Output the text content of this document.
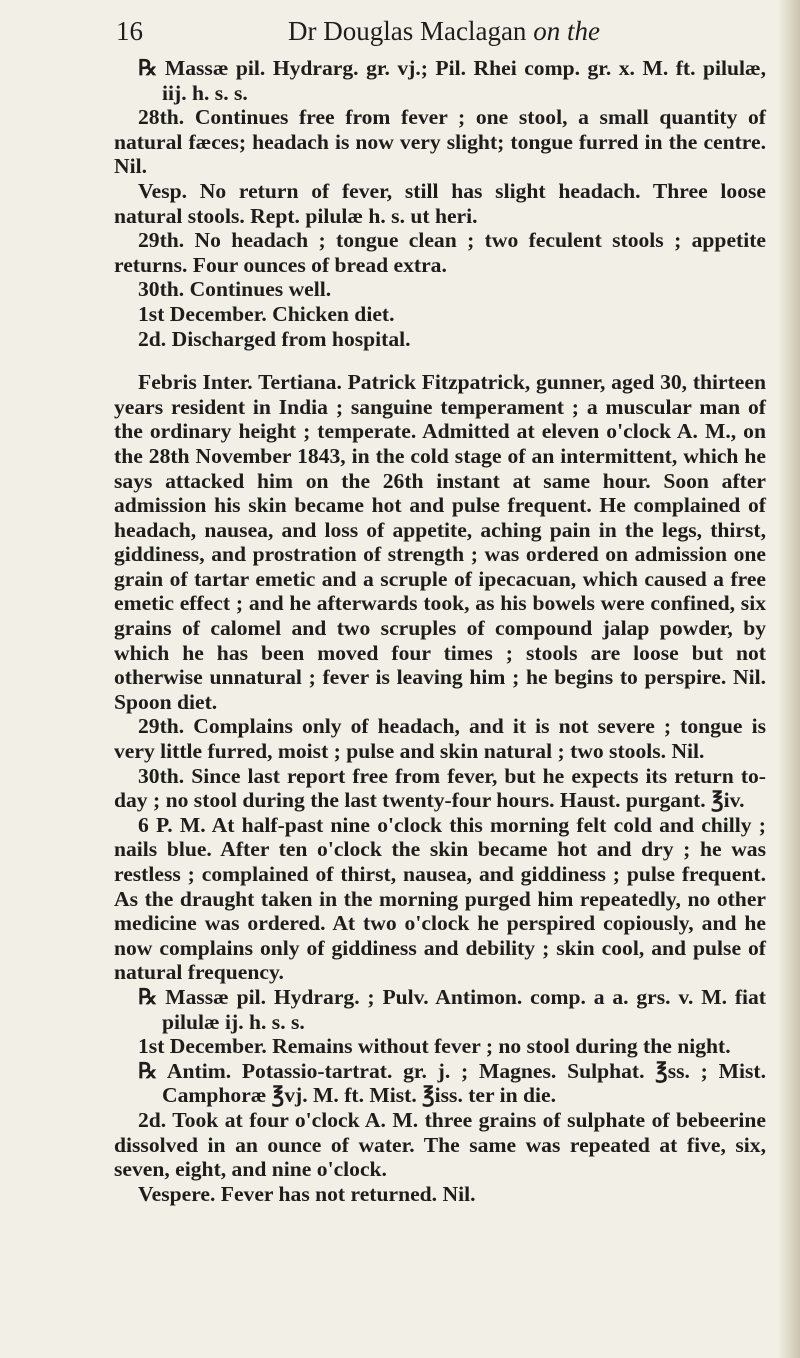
16	Dr Douglas Maclagan on the

℞ Massæ pil. Hydrarg. gr. vj.; Pil. Rhei comp. gr. x. M. ft. pilulæ, iij. h. s. s.

28th. Continues free from fever ; one stool, a small quantity of natural fæces; headach is now very slight; tongue furred in the centre. Nil.

Vesp. No return of fever, still has slight headach. Three loose natural stools. Rept. pilulæ h. s. ut heri.

29th. No headach ; tongue clean ; two feculent stools ; appetite returns. Four ounces of bread extra.

30th. Continues well.

1st December. Chicken diet.

2d. Discharged from hospital.

Febris Inter. Tertiana. Patrick Fitzpatrick, gunner, aged 30, thirteen years resident in India ; sanguine temperament ; a muscular man of the ordinary height ; temperate. Admitted at eleven o'clock A. M., on the 28th November 1843, in the cold stage of an intermittent, which he says attacked him on the 26th instant at same hour. Soon after admission his skin became hot and pulse frequent. He complained of headach, nausea, and loss of appetite, aching pain in the legs, thirst, giddiness, and prostration of strength ; was ordered on admission one grain of tartar emetic and a scruple of ipecacuan, which caused a free emetic effect ; and he afterwards took, as his bowels were confined, six grains of calomel and two scruples of compound jalap powder, by which he has been moved four times ; stools are loose but not otherwise unnatural ; fever is leaving him ; he begins to perspire. Nil. Spoon diet.

29th. Complains only of headach, and it is not severe ; tongue is very little furred, moist ; pulse and skin natural ; two stools. Nil.

30th. Since last report free from fever, but he expects its return to-day ; no stool during the last twenty-four hours. Haust. purgant. ℥iv.

6 P. M. At half-past nine o'clock this morning felt cold and chilly ; nails blue. After ten o'clock the skin became hot and dry ; he was restless ; complained of thirst, nausea, and giddiness ; pulse frequent. As the draught taken in the morning purged him repeatedly, no other medicine was ordered. At two o'clock he perspired copiously, and he now complains only of giddiness and debility ; skin cool, and pulse of natural frequency.

℞ Massæ pil. Hydrarg. ; Pulv. Antimon. comp. a a. grs. v. M. fiat pilulæ ij. h. s. s.

1st December. Remains without fever ; no stool during the night.

℞ Antim. Potassio-tartrat. gr. j. ; Magnes. Sulphat. ℥ss. ; Mist. Camphoræ ℥vj. M. ft. Mist. ℥iss. ter in die.

2d. Took at four o'clock A. M. three grains of sulphate of bebeerine dissolved in an ounce of water. The same was repeated at five, six, seven, eight, and nine o'clock.

Vespere. Fever has not returned. Nil.
